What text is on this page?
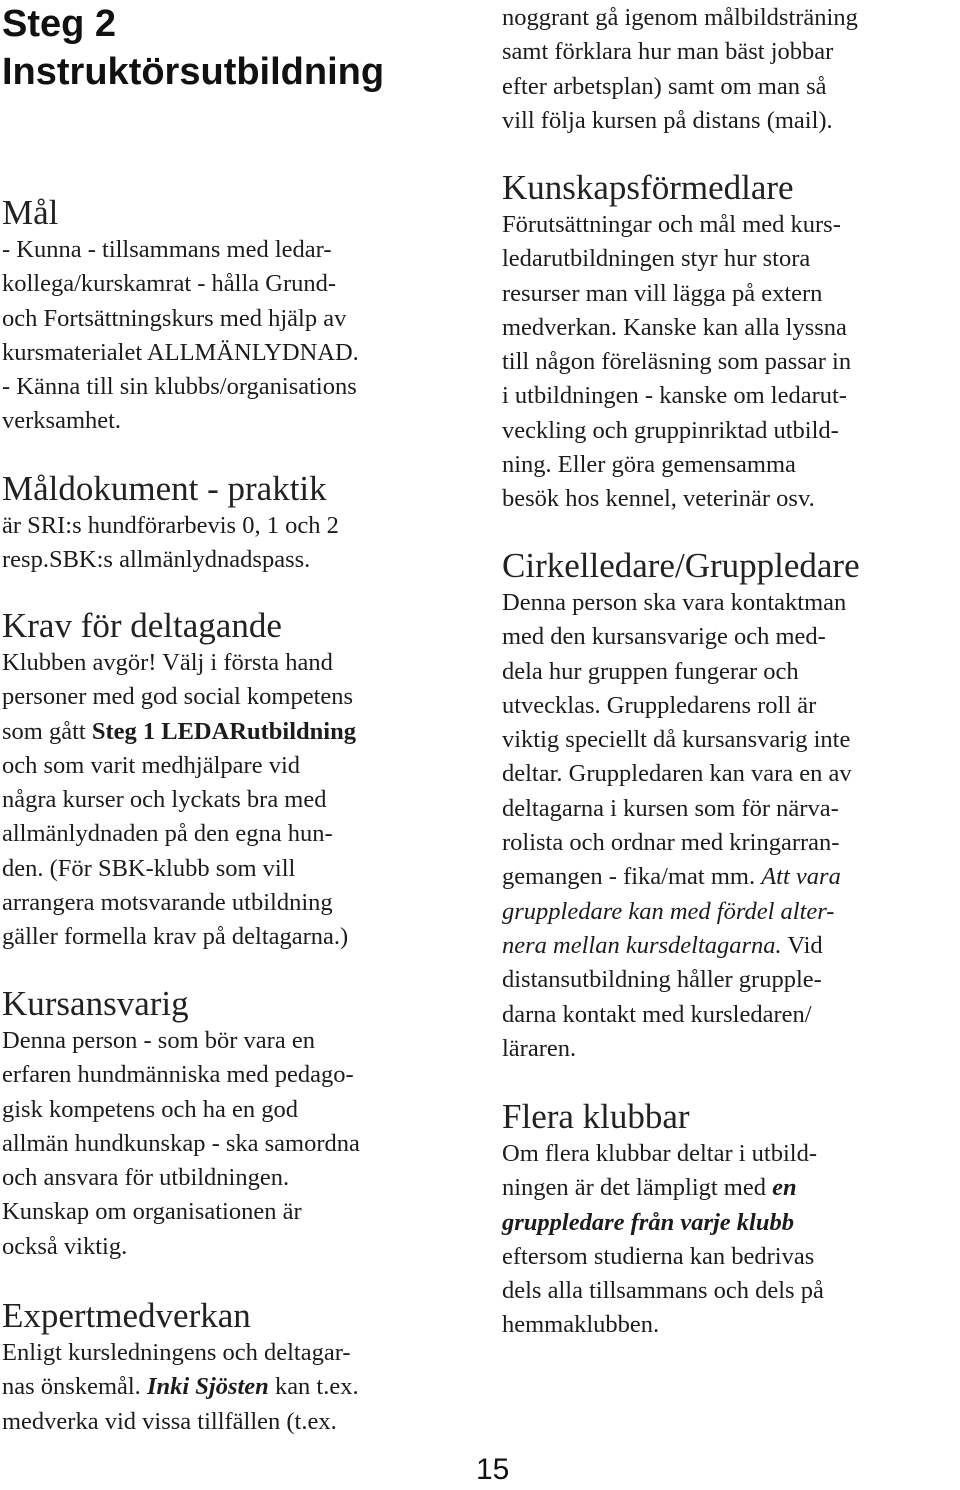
Steg 2
Instruktörsutbildning
Mål

- Kunna - tillsammans med ledar-
kollega/kurskamrat - hålla Grund-
och Fortsättningskurs med hjälp av
kursmaterialet ALLMÄNLYDNAD.
- Känna till sin klubbs/organisations
verksamhet.

Måldokument - praktik

är SRI:s hundförarbevis 0, 1 och 2
resp.SBK:s allmänlydnadspass.

Krav för deltagande

Klubben avgör! Välj i första hand
personer med god social kompetens
som gått Steg 1 LEDARutbildning
och som varit medhjälpare vid
några kurser och lyckats bra med
allmänlydnaden på den egna hun-
den. (För SBK-klubb som vill
arrangera motsvarande utbildning
gäller formella krav på deltagarna.)

Kursansvarig

Denna person - som bör vara en
erfaren hundmänniska med pedago-
gisk kompetens och ha en god
allmän hundkunskap - ska samordna
och ansvara för utbildningen.
Kunskap om organisationen är
också viktig.

Expertmedverkan

Enligt kursledningens och deltagar-
nas önskemål. Inki Sjösten kan t.ex.
medverka vid vissa tillfällen (t.ex.

noggrant gå igenom målbildsträning
samt förklara hur man bäst jobbar
efter arbetsplan) samt om man så
vill följa kursen på distans (mail).

Kunskapsförmedlare

Förutsättningar och mål med kurs-
ledarutbildningen styr hur stora
resurser man vill lägga på extern
medverkan. Kanske kan alla lyssna
till någon föreläsning som passar in
i utbildningen - kanske om ledarut-
veckling och gruppinriktad utbild-
ning. Eller göra gemensamma
besök hos kennel, veterinär osv.

Cirkelledare/Gruppledare

Denna person ska vara kontaktman
med den kursansvarige och med-
dela hur gruppen fungerar och
utvecklas. Gruppledarens roll är
viktig speciellt då kursansvarig inte
deltar. Gruppledaren kan vara en av
deltagarna i kursen som för närva-
rolista och ordnar med kringarran-
gemangen - fika/mat mm. Att vara
gruppledare kan med fördel alter-
nera mellan kursdeltagarna. Vid
distansutbildning håller grupple-
darna kontakt med kursledaren/
läraren.

Flera klubbar

Om flera klubbar deltar i utbild-
ningen är det lämpligt med en
gruppledare från varje klubb
eftersom studierna kan bedrivas
dels alla tillsammans och dels på
hemmaklubben.

15
